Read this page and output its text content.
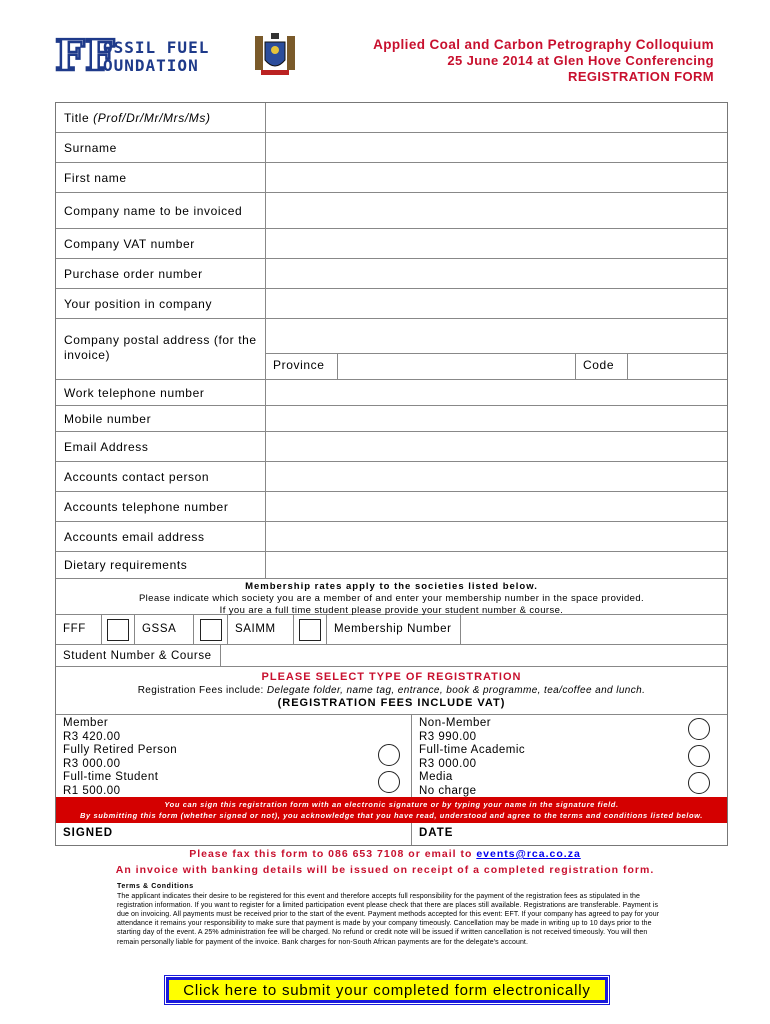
FF
OSSIL FUEL
OUNDATION
Applied Coal and Carbon Petrography Colloquium
25 June 2014 at Glen Hove Conferencing
REGISTRATION FORM
Title
(Prof/Dr/Mr/Mrs/Ms)
Surname
First name
Company name to be invoiced
Company VAT number
Purchase order number
Your position in company
Company postal address (for the invoice)
Province	Code
Work telephone number
Mobile number
Email Address
Accounts contact person
Accounts telephone number
Accounts email address
Dietary requirements
Membership rates apply to the societies listed below.
Please indicate which society you are a member of and enter your membership number in the space provided.
If you are a full time student please provide your student number & course.
FFF	GSSA	SAIMM	Membership Number
Student Number & Course
PLEASE SELECT TYPE OF REGISTRATION
Registration Fees include: Delegate folder, name tag, entrance, book & programme, tea/coffee and lunch.
(REGISTRATION FEES INCLUDE VAT)
Member
R3 420.00
Fully Retired Person
R3 000.00
Full-time Student
R1 500.00
Non-Member
R3 990.00
Full-time Academic
R3 000.00
Media
No charge
You can sign this registration form with an electronic signature or by typing your name in the signature field.
By submitting this form (whether signed or not), you acknowledge that you have read, understood and agree to the terms and conditions listed below.
SIGNED	DATE
Please fax this form to 086 653 7108 or email to events@rca.co.za
An invoice with banking details will be issued on receipt of a completed registration form.
Terms & Conditions
The applicant indicates their desire to be registered for this event and therefore accepts full responsibility for the payment of the registration fees as stipulated in the registration information. If you want to register for a limited participation event please check that there are places still available. Registrations are transferable. Payment is due on invoicing. All payments must be received prior to the start of the event. Payment methods accepted for this event: EFT. If your company has agreed to pay for your attendance it remains your responsibility to make sure that payment is made by your company timeously. Cancellation may be made in writing up to 10 days prior to the starting day of the event. A 25% administration fee will be charged. No refund or credit note will be issued if written cancellation is not received timeously. You will then remain personally liable for payment of the invoice. Bank charges for non-South African payments are for the delegate's account.
Click here to submit your completed form electronically
